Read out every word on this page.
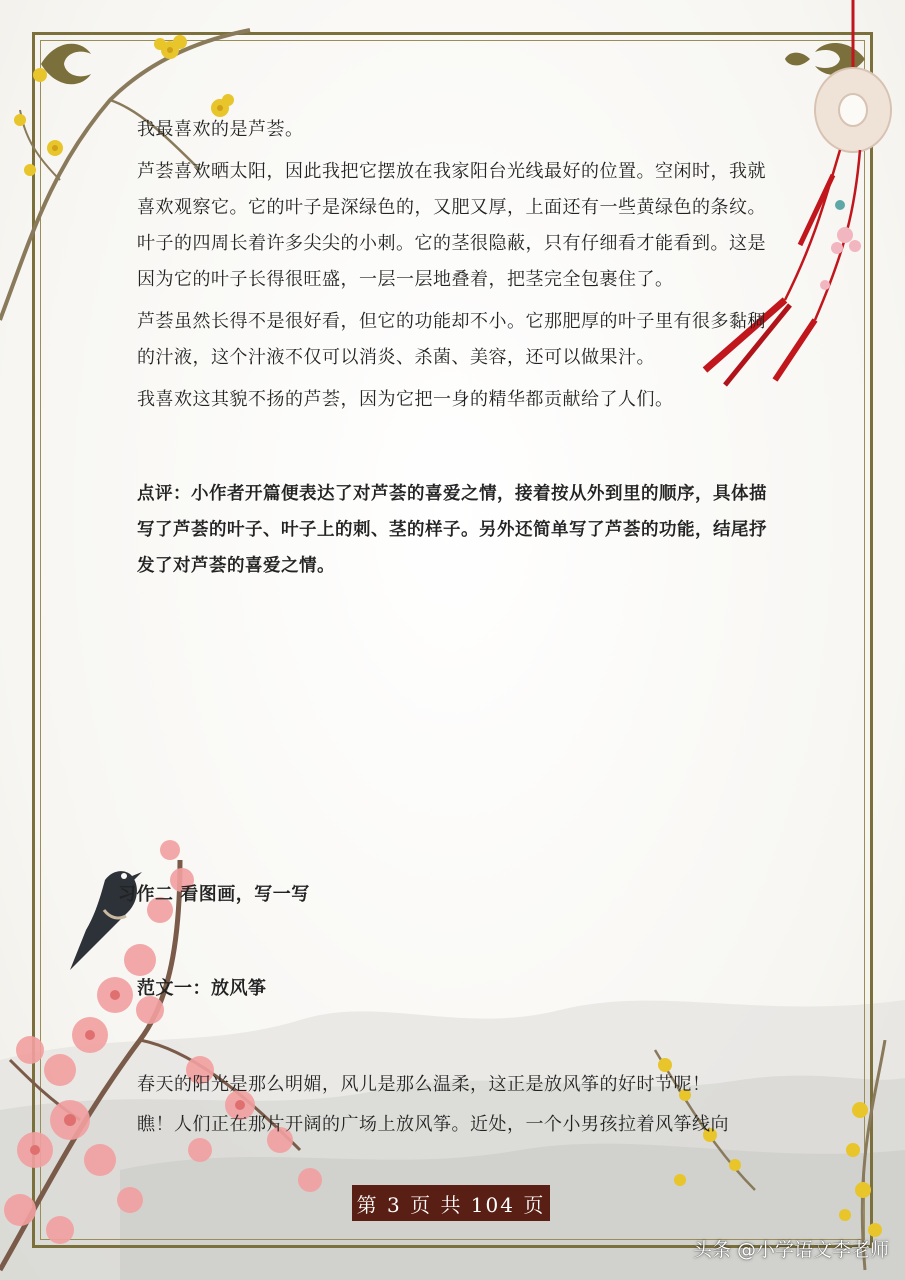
我最喜欢的是芦荟。

芦荟喜欢晒太阳，因此我把它摆放在我家阳台光线最好的位置。空闲时，我就喜欢观察它。它的叶子是深绿色的，又肥又厚，上面还有一些黄绿色的条纹。叶子的四周长着许多尖尖的小刺。它的茎很隐蔽，只有仔细看才能看到。这是因为它的叶子长得很旺盛，一层一层地叠着，把茎完全包裹住了。

芦荟虽然长得不是很好看，但它的功能却不小。它那肥厚的叶子里有很多黏稠的汁液，这个汁液不仅可以消炎、杀菌、美容，还可以做果汁。

我喜欢这其貌不扬的芦荟，因为它把一身的精华都贡献给了人们。

点评：小作者开篇便表达了对芦荟的喜爱之情，接着按从外到里的顺序，具体描写了芦荟的叶子、叶子上的刺、茎的样子。另外还简单写了芦荟的功能，结尾抒发了对芦荟的喜爱之情。

习作二 看图画，写一写
范文一：放风筝

春天的阳光是那么明媚，风儿是那么温柔，这正是放风筝的好时节呢！

瞧！人们正在那片开阔的广场上放风筝。近处，一个小男孩拉着风筝线向

第 3 页 共 104 页
头条 @小学语文李老师
